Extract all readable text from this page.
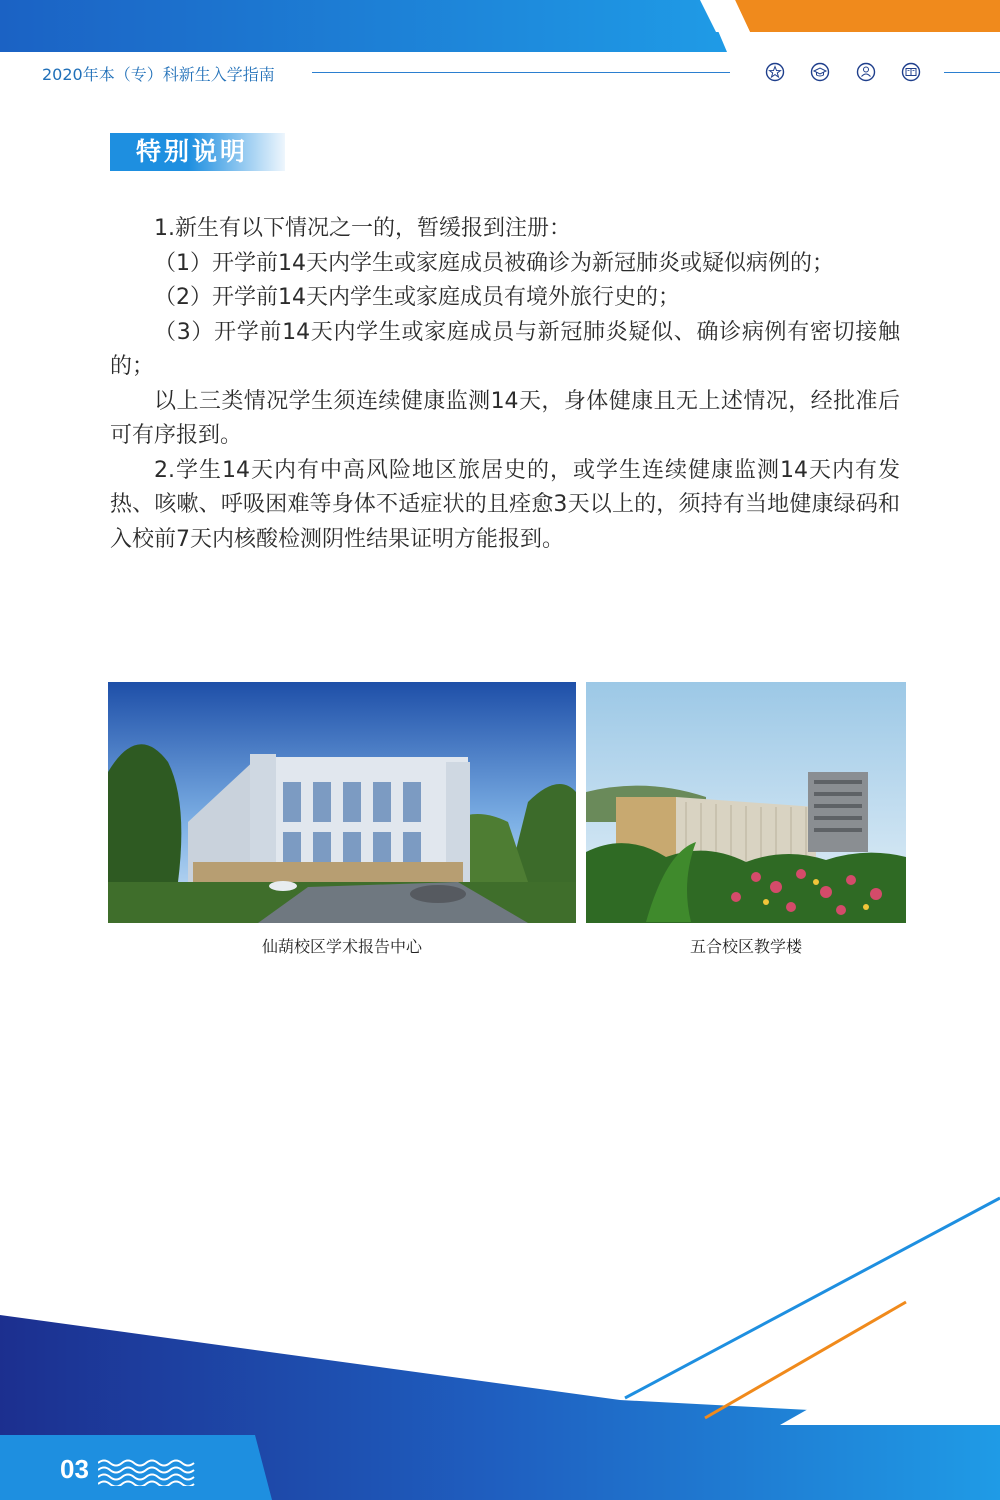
2020年本（专）科新生入学指南
特别说明

1.新生有以下情况之一的，暂缓报到注册：

（1）开学前14天内学生或家庭成员被确诊为新冠肺炎或疑似病例的；

（2）开学前14天内学生或家庭成员有境外旅行史的；

（3）开学前14天内学生或家庭成员与新冠肺炎疑似、确诊病例有密切接触的；

以上三类情况学生须连续健康监测14天，身体健康且无上述情况，经批准后可有序报到。

2.学生14天内有中高风险地区旅居史的，或学生连续健康监测14天内有发热、咳嗽、呼吸困难等身体不适症状的且痊愈3天以上的，须持有当地健康绿码和入校前7天内核酸检测阴性结果证明方能报到。

仙葫校区学术报告中心	五合校区教学楼
03
